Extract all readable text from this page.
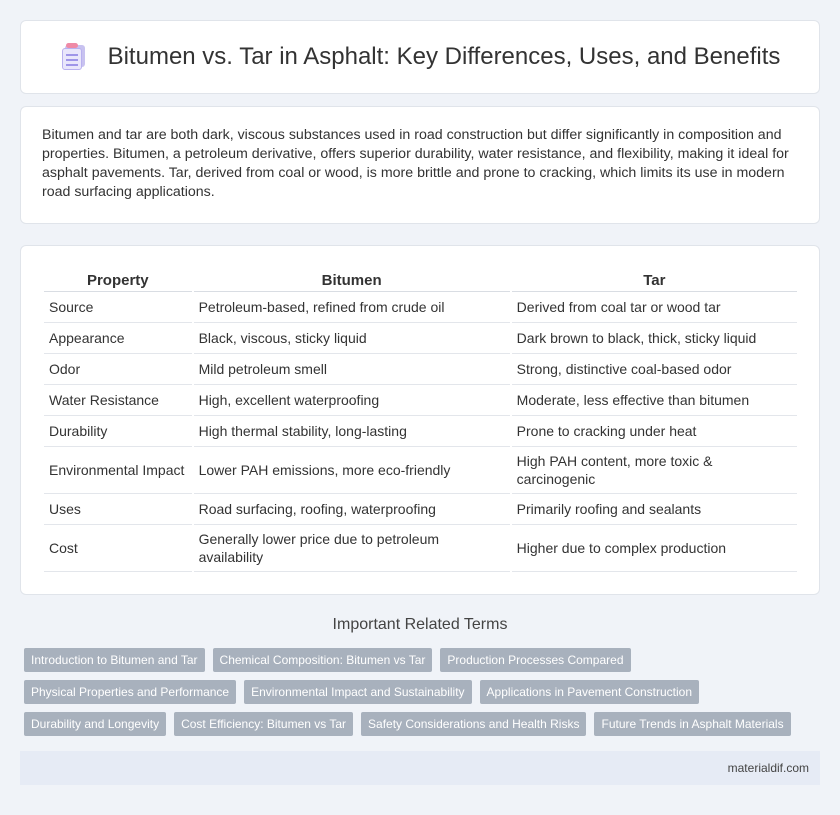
Bitumen vs. Tar in Asphalt: Key Differences, Uses, and Benefits

Bitumen and tar are both dark, viscous substances used in road construction but differ significantly in composition and properties. Bitumen, a petroleum derivative, offers superior durability, water resistance, and flexibility, making it ideal for asphalt pavements. Tar, derived from coal or wood, is more brittle and prone to cracking, which limits its use in modern road surfacing applications.

Property	Bitumen	Tar
Source	Petroleum-based, refined from crude oil	Derived from coal tar or wood tar
Appearance	Black, viscous, sticky liquid	Dark brown to black, thick, sticky liquid
Odor	Mild petroleum smell	Strong, distinctive coal-based odor
Water Resistance	High, excellent waterproofing	Moderate, less effective than bitumen
Durability	High thermal stability, long-lasting	Prone to cracking under heat
Environmental Impact	Lower PAH emissions, more eco-friendly	High PAH content, more toxic & carcinogenic
Uses	Road surfacing, roofing, waterproofing	Primarily roofing and sealants
Cost	Generally lower price due to petroleum availability	Higher due to complex production
Important Related Terms
Introduction to Bitumen and Tar	Chemical Composition: Bitumen vs Tar	Production Processes Compared
Physical Properties and Performance	Environmental Impact and Sustainability	Applications in Pavement Construction
Durability and Longevity	Cost Efficiency: Bitumen vs Tar	Safety Considerations and Health Risks	Future Trends in Asphalt Materials
materialdif.com
